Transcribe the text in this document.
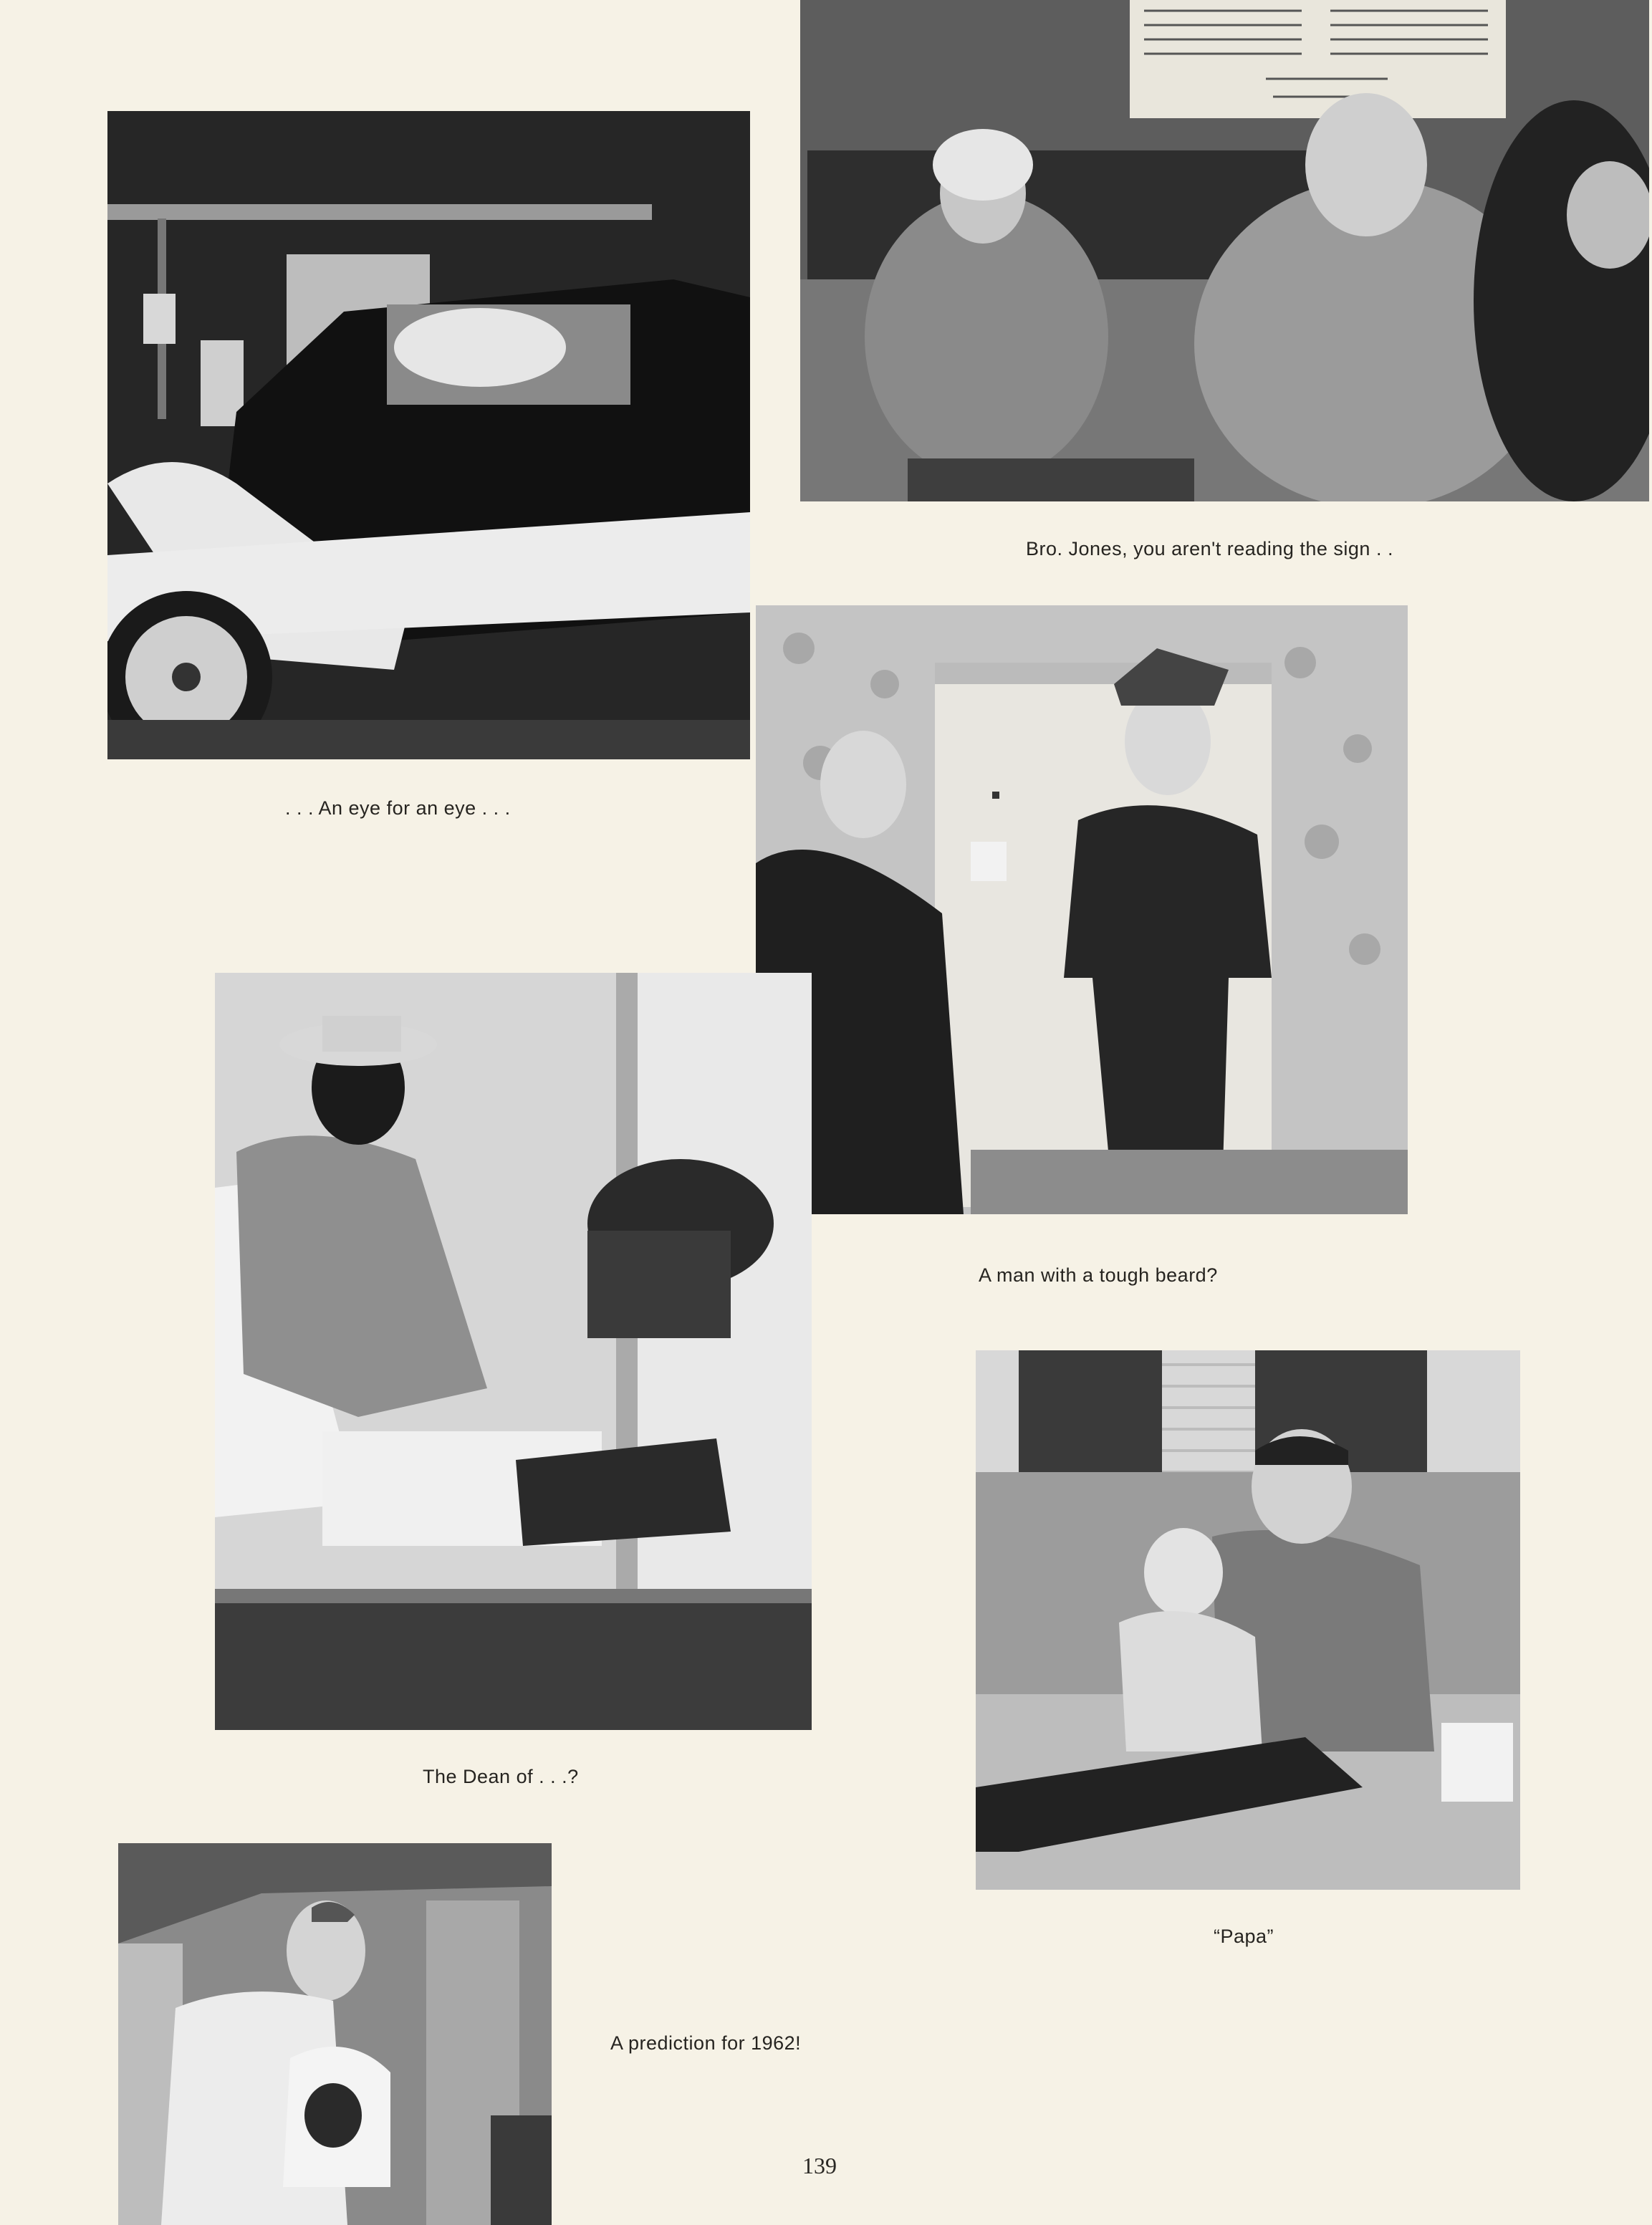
. . . An eye for an eye . . .
Bro. Jones, you aren't reading the sign . .
A man with a tough beard?
The Dean of . . .?
“Papa”
A prediction for 1962!
139
